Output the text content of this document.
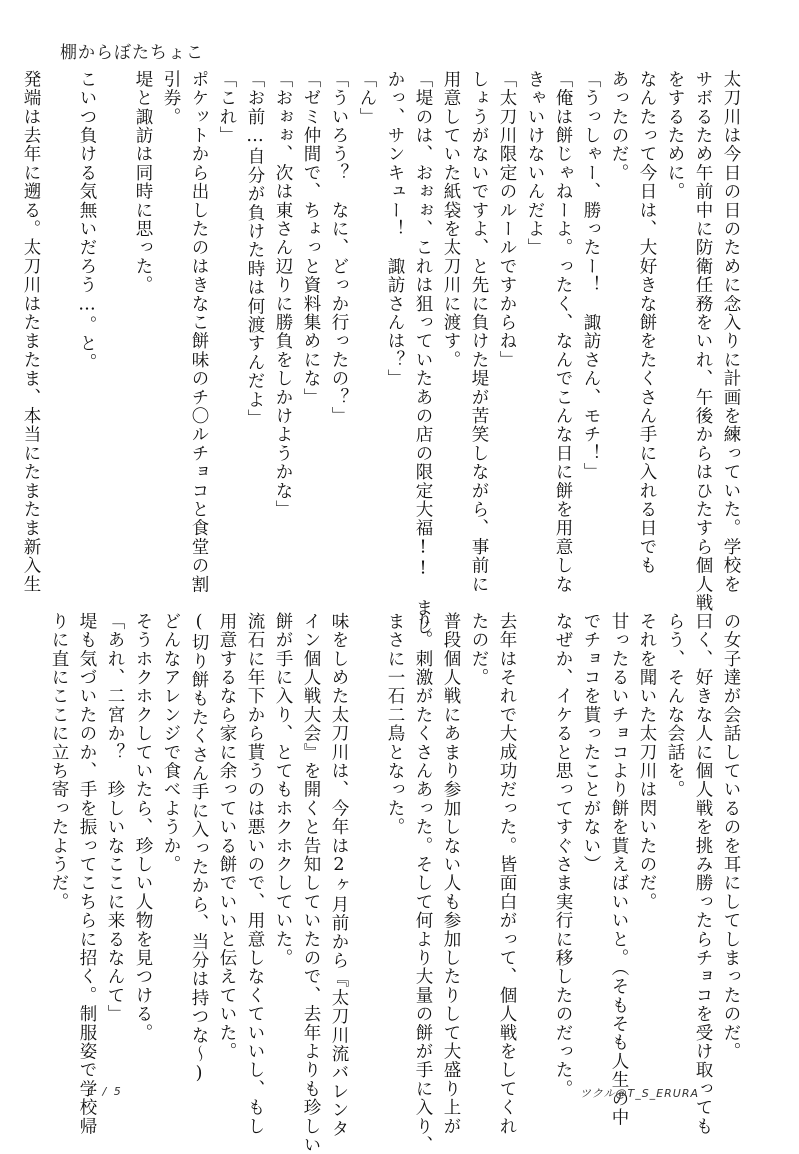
棚からぼたちょこ
太刀川は今日の日のために念入りに計画を練っていた。学校を
サボるため午前中に防衛任務をいれ、午後からはひたすら個人戦
をするために。
なんたって今日は、大好きな餅をたくさん手に入れる日でも
あったのだ。
「うっしゃー、勝ったー！　諏訪さん、モチ！」
「俺は餅じゃねーよ。ったく、なんでこんな日に餅を用意しな
きゃいけないんだよ」
「太刀川限定のルールですからね」
しょうがないですよ、と先に負けた堤が苦笑しながら、事前に
用意していた紙袋を太刀川に渡す。
「堤のは、おぉぉ、これは狙っていたあの店の限定大福!!　まじ
かっ、サンキュー！　諏訪さんは？」
「ん」
「ういろう？　なに、どっか行ったの？」
「ゼミ仲間で、ちょっと資料集めにな」
「おぉぉ、次は東さん辺りに勝負をしかけようかな」
「お前…自分が負けた時は何渡すんだよ」
「これ」
ポケットから出したのはきなこ餅味のチ〇ルチョコと食堂の割
引券。
堤と諏訪は同時に思った。

こいつ負ける気無いだろう…。と。

発端は去年に遡る。太刀川はたまたま、本当にたまたま新入生
の女子達が会話しているのを耳にしてしまったのだ。
曰く、好きな人に個人戦を挑み勝ったらチョコを受け取っても
らう、そんな会話を。
それを聞いた太刀川は閃いたのだ。
甘ったるいチョコより餅を貰えばいいと。（そもそも人生の中
でチョコを貰ったことがない）
なぜか、イケると思ってすぐさま実行に移したのだった。

去年はそれで大成功だった。皆面白がって、個人戦をしてくれ
たのだ。
普段個人戦にあまり参加しない人も参加したりして大盛り上が
り。刺激がたくさんあった。そして何より大量の餅が手に入り、
まさに一石二鳥となった。

味をしめた太刀川は、今年は2ヶ月前から『太刀川流バレンタ
イン個人戦大会』を開くと告知していたので、去年よりも珍しい
餅が手に入り、とてもホクホクしていた。
流石に年下から貰うのは悪いので、用意しなくていいし、もし
用意するなら家に余っている餅でいいと伝えていた。
(切り餅もたくさん手に入ったから、当分は持つな～)
どんなアレンジで食べようか。
そうホクホクしていたら、珍しい人物を見つける。
「あれ、二宮か？　珍しいなここに来るなんて」
堤も気づいたのか、手を振ってこちらに招く。制服姿で学校帰
りに直にここに立ち寄ったようだ。
1 / 5	ツクル@T_S_ERURA
